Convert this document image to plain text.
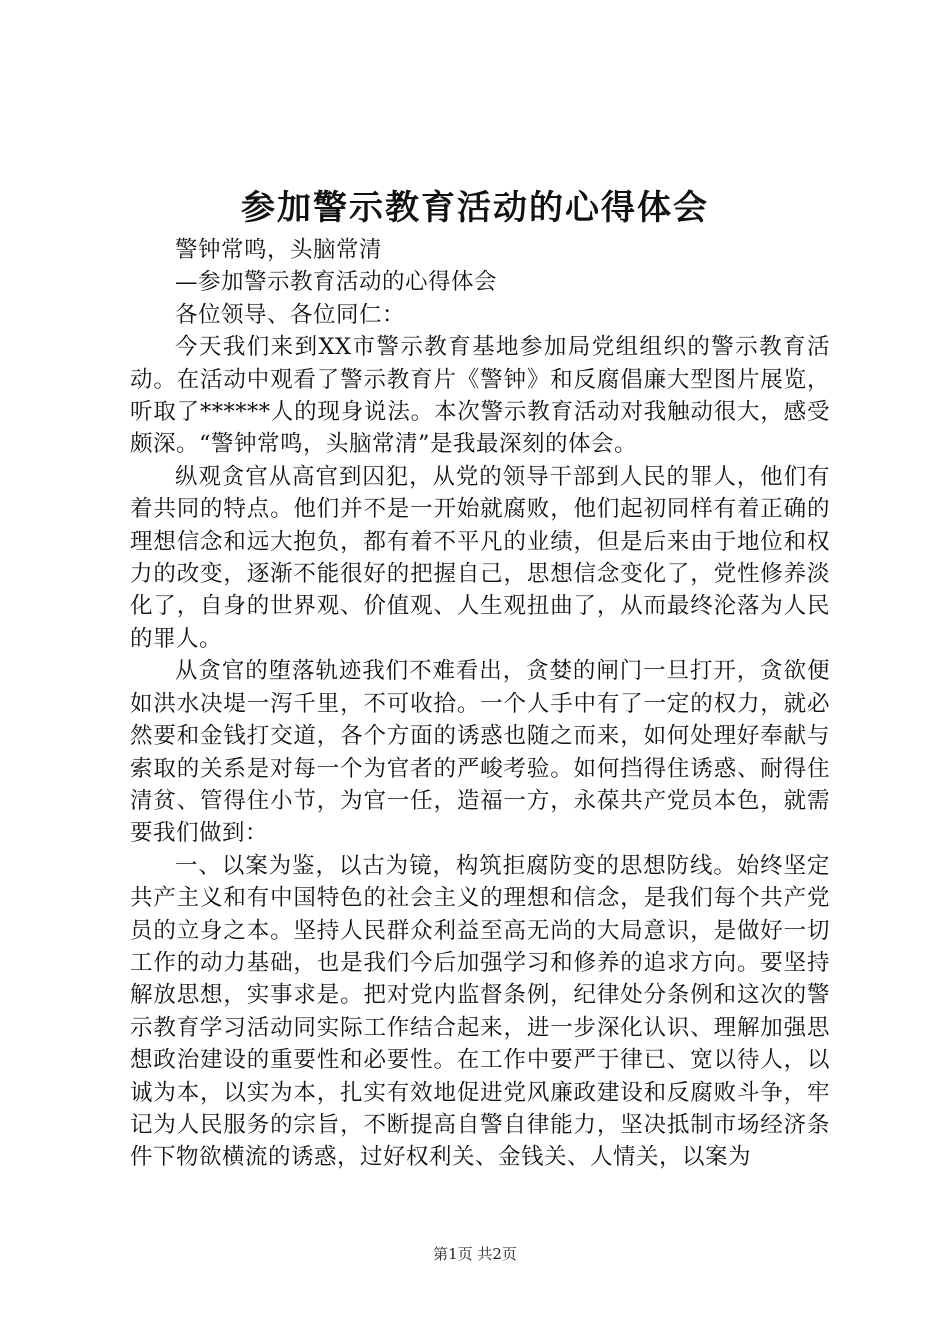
参加警示教育活动的心得体会

警钟常鸣，头脑常清

—参加警示教育活动的心得体会

各位领导、各位同仁：

今天我们来到XX市警示教育基地参加局党组组织的警示教育活动。在活动中观看了警示教育片《警钟》和反腐倡廉大型图片展览，听取了******人的现身说法。本次警示教育活动对我触动很大，感受颇深。“警钟常鸣，头脑常清”是我最深刻的体会。

纵观贪官从高官到囚犯，从党的领导干部到人民的罪人，他们有着共同的特点。他们并不是一开始就腐败，他们起初同样有着正确的理想信念和远大抱负，都有着不平凡的业绩，但是后来由于地位和权力的改变，逐渐不能很好的把握自己，思想信念变化了，党性修养淡化了，自身的世界观、价值观、人生观扭曲了，从而最终沦落为人民的罪人。

从贪官的堕落轨迹我们不难看出，贪婪的闸门一旦打开，贪欲便如洪水决堤一泻千里，不可收拾。一个人手中有了一定的权力，就必然要和金钱打交道，各个方面的诱惑也随之而来，如何处理好奉献与索取的关系是对每一个为官者的严峻考验。如何挡得住诱惑、耐得住清贫、管得住小节，为官一任，造福一方，永葆共产党员本色，就需要我们做到：

一、以案为鉴，以古为镜，构筑拒腐防变的思想防线。始终坚定共产主义和有中国特色的社会主义的理想和信念，是我们每个共产党员的立身之本。坚持人民群众利益至高无尚的大局意识，是做好一切工作的动力基础，也是我们今后加强学习和修养的追求方向。要坚持解放思想，实事求是。把对党内监督条例，纪律处分条例和这次的警示教育学习活动同实际工作结合起来，进一步深化认识、理解加强思想政治建设的重要性和必要性。在工作中要严于律已、宽以待人，以诚为本，以实为本，扎实有效地促进党风廉政建设和反腐败斗争，牢记为人民服务的宗旨，不断提高自警自律能力，坚决抵制市场经济条件下物欲横流的诱惑，过好权利关、金钱关、人情关，以案为

第1页 共2页
